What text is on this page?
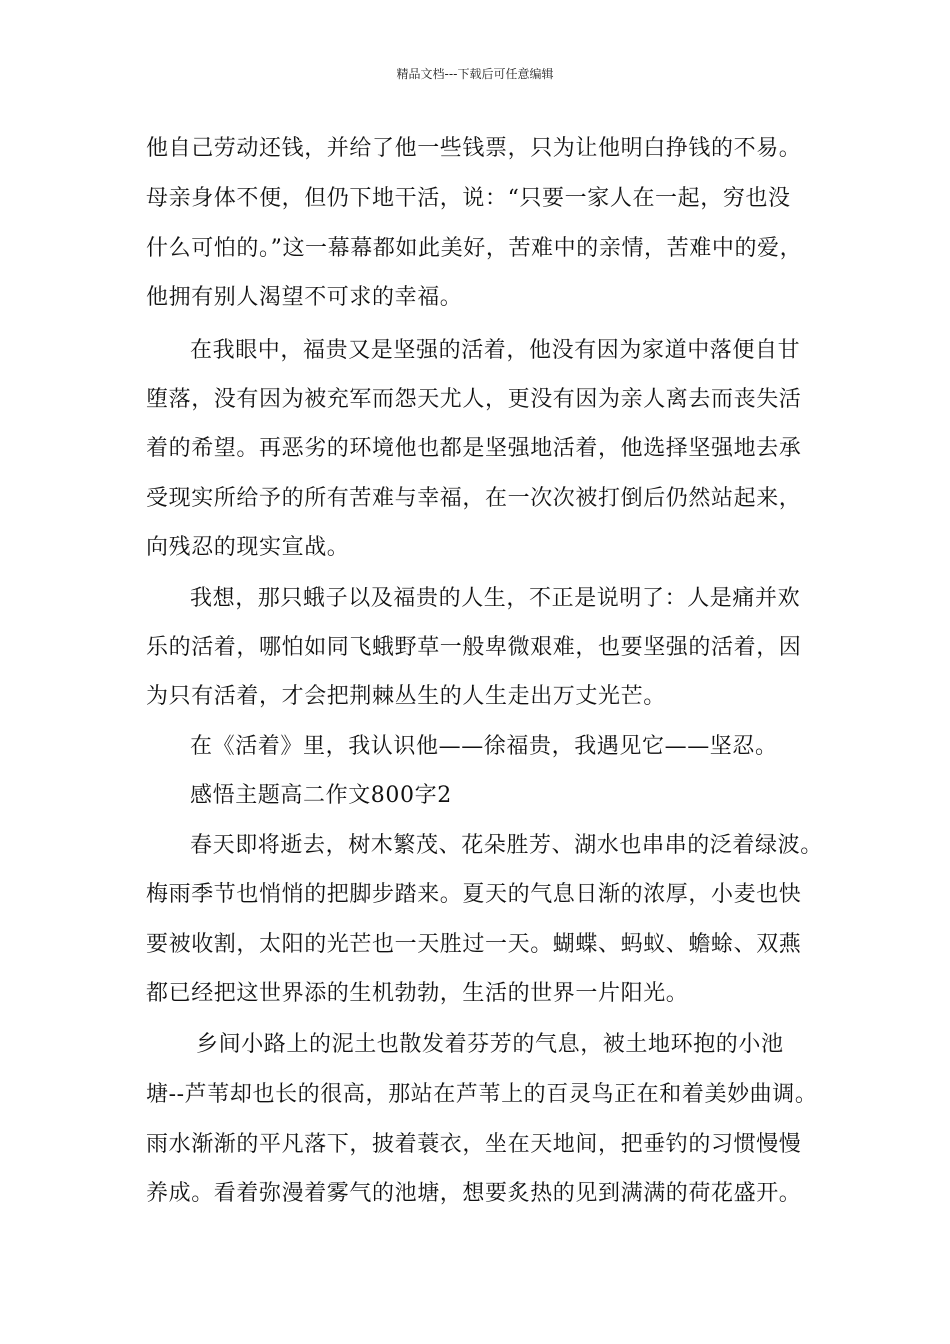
精品文档---下载后可任意编辑
他自己劳动还钱，并给了他一些钱票，只为让他明白挣钱的不易。
母亲身体不便，但仍下地干活，说：“只要一家人在一起，穷也没
什么可怕的。”这一幕幕都如此美好，苦难中的亲情，苦难中的爱，
他拥有别人渴望不可求的幸福。
在我眼中，福贵又是坚强的活着，他没有因为家道中落便自甘
堕落，没有因为被充军而怨天尤人，更没有因为亲人离去而丧失活
着的希望。再恶劣的环境他也都是坚强地活着，他选择坚强地去承
受现实所给予的所有苦难与幸福，在一次次被打倒后仍然站起来，
向残忍的现实宣战。
我想，那只蛾子以及福贵的人生，不正是说明了：人是痛并欢
乐的活着，哪怕如同飞蛾野草一般卑微艰难，也要坚强的活着，因
为只有活着，才会把荆棘丛生的人生走出万丈光芒。
在《活着》里，我认识他——徐福贵，我遇见它——坚忍。
感悟主题高二作文800字2
春天即将逝去，树木繁茂、花朵胜芳、湖水也串串的泛着绿波。
梅雨季节也悄悄的把脚步踏来。夏天的气息日渐的浓厚，小麦也快
要被收割，太阳的光芒也一天胜过一天。蝴蝶、蚂蚁、蟾蜍、双燕
都已经把这世界添的生机勃勃，生活的世界一片阳光。
乡间小路上的泥土也散发着芬芳的气息，被土地环抱的小池
塘--芦苇却也长的很高，那站在芦苇上的百灵鸟正在和着美妙曲调。
雨水渐渐的平凡落下，披着蓑衣，坐在天地间，把垂钓的习惯慢慢
养成。看着弥漫着雾气的池塘，想要炙热的见到满满的荷花盛开。
